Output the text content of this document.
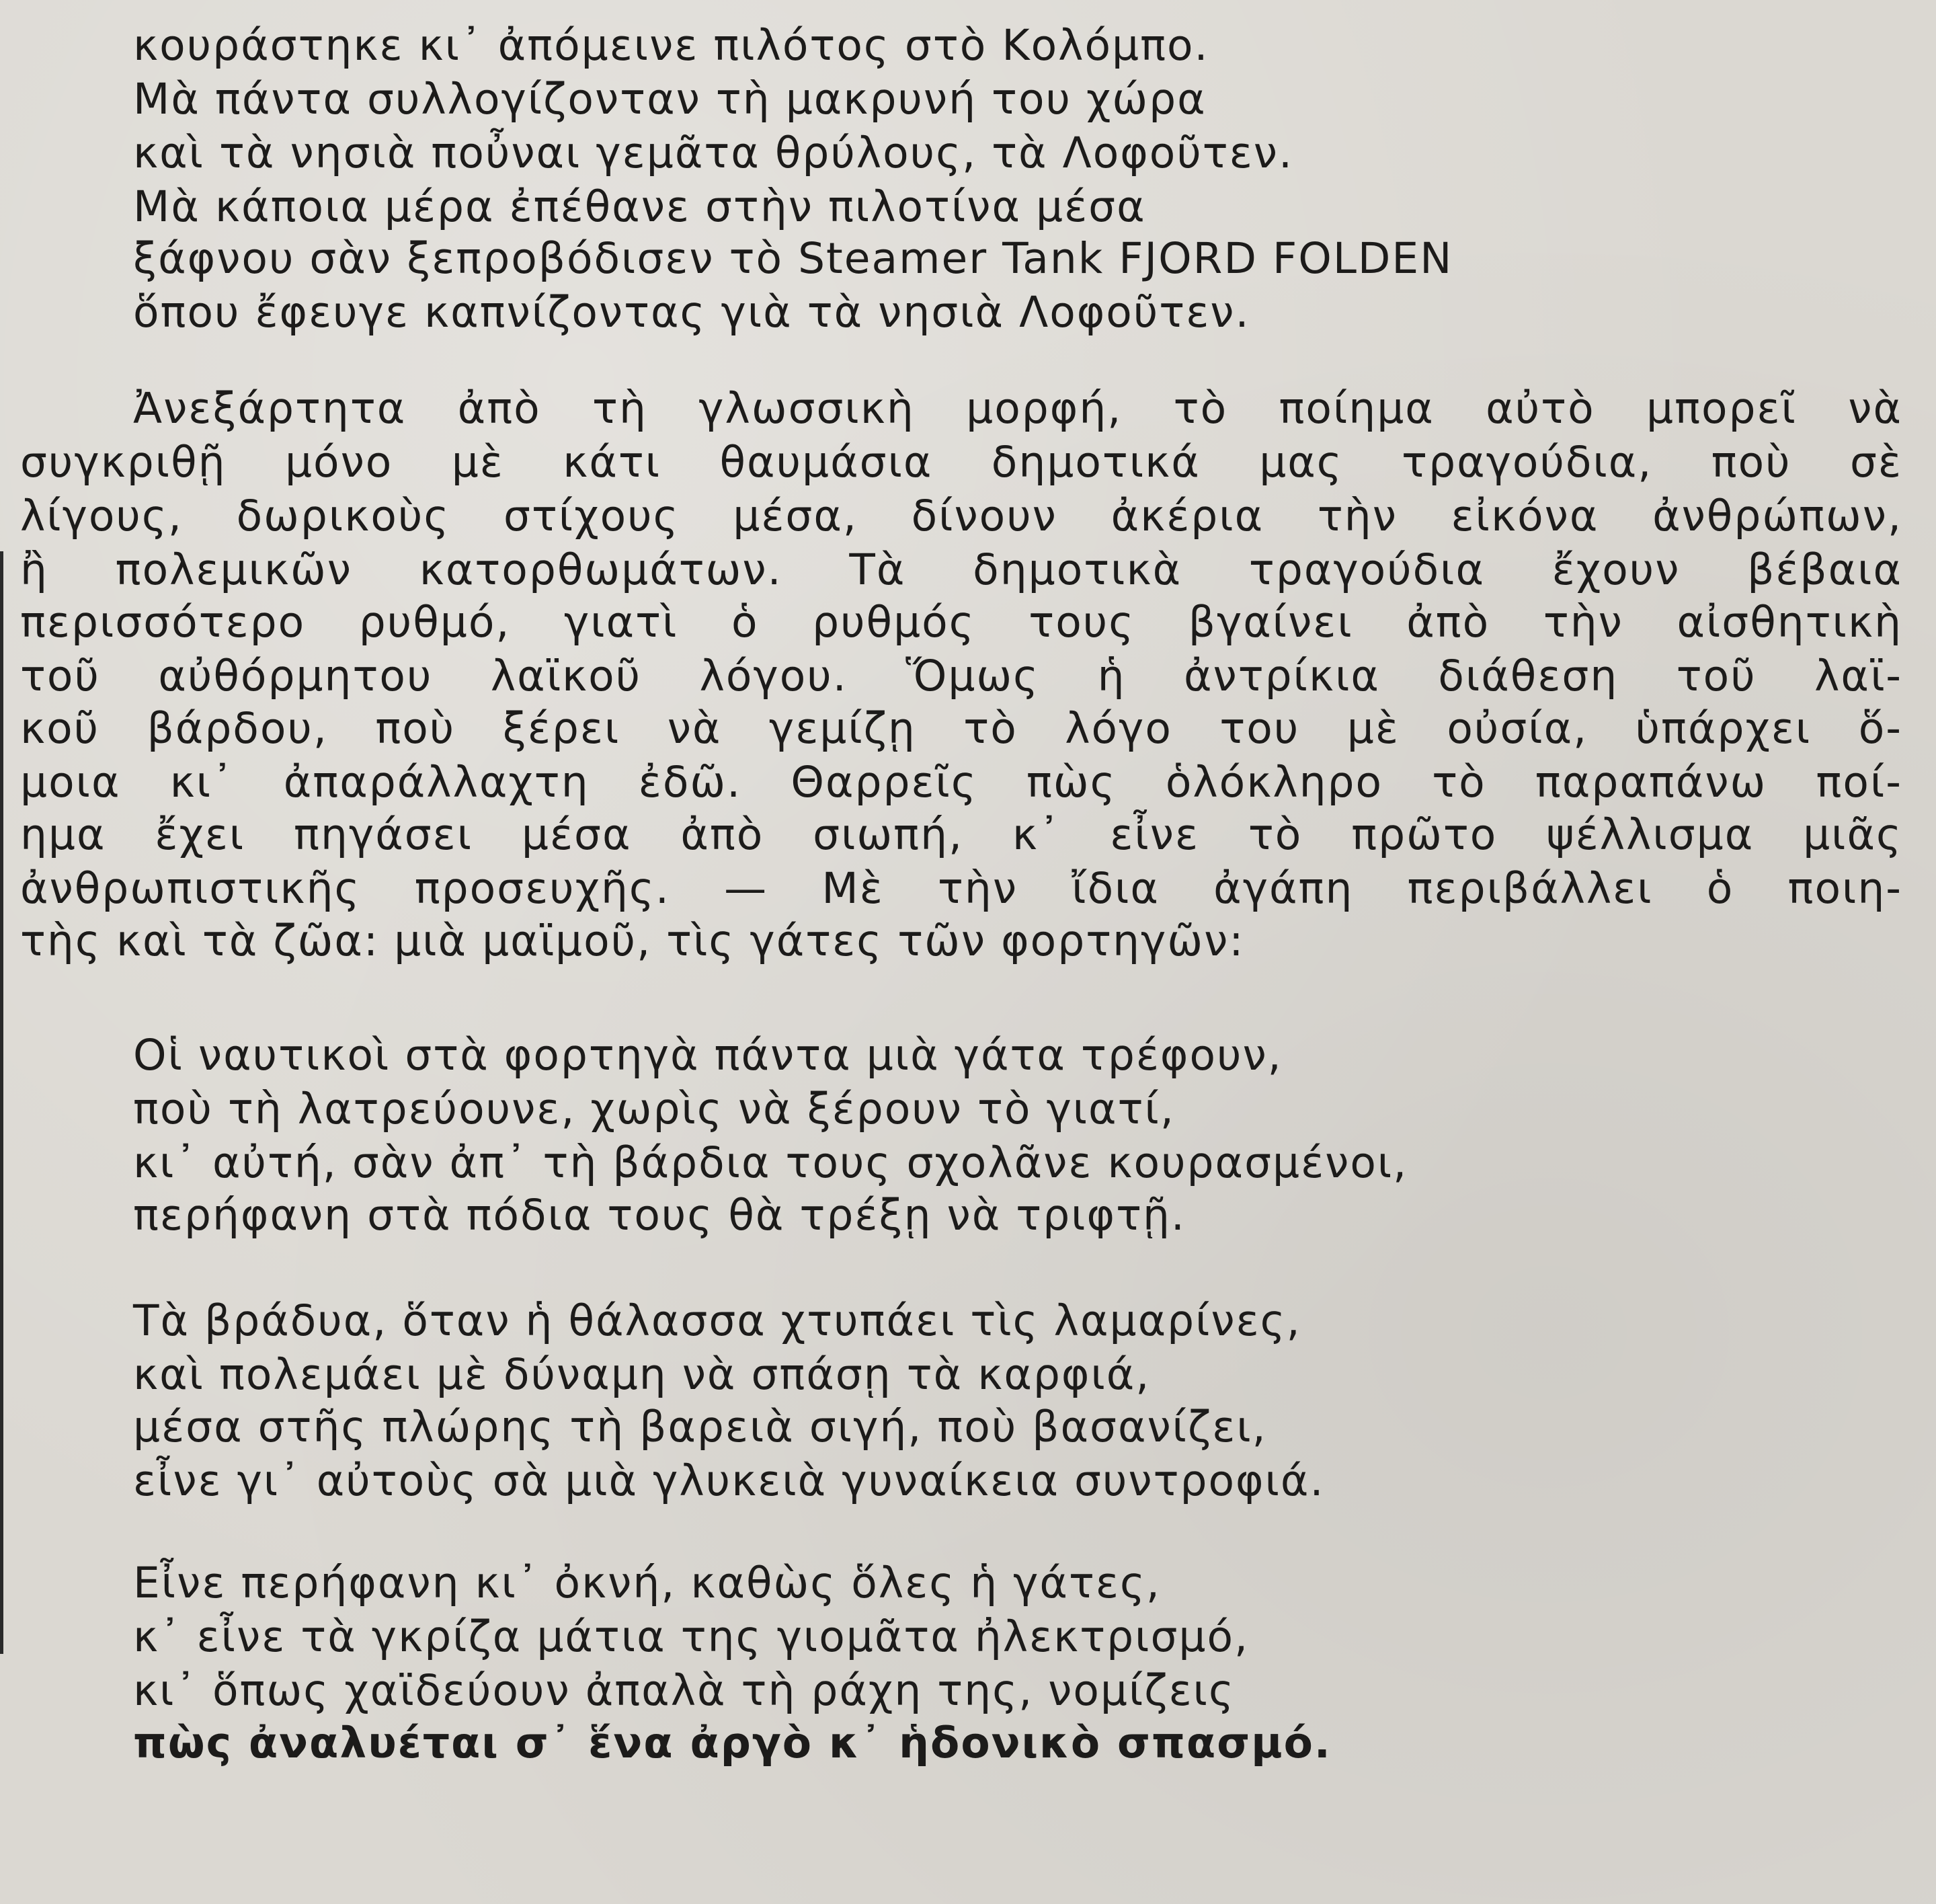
κουράστηκε κι᾽ ἀπόμεινε πιλότος στὸ Κολόμπο.
Μὰ πάντα συλλογίζονταν τὴ μακρυνή του χώρα
καὶ τὰ νησιὰ ποὖναι γεμᾶτα θρύλους, τὰ Λοφοῦτεν.
Μὰ κάποια μέρα ἐπέθανε στὴν πιλοτίνα μέσα
ξάφνου σὰν ξεπροβόδισεν τὸ Steamer Tank FJORD FOLDEN
ὅπου ἔφευγε καπνίζοντας γιὰ τὰ νησιὰ Λοφοῦτεν.
Ἀνεξάρτητα ἀπὸ τὴ γλωσσικὴ μορφή, τὸ ποίημα αὐτὸ μπορεῖ νὰ
συγκριθῇ μόνο μὲ κάτι θαυμάσια δημοτικά μας τραγούδια, ποὺ σὲ
λίγους, δωρικοὺς στίχους μέσα, δίνουν ἀκέρια τὴν εἰκόνα ἀνθρώπων,
ἢ πολεμικῶν κατορθωμάτων. Τὰ δημοτικὰ τραγούδια ἔχουν βέβαια
περισσότερο ρυθμό, γιατὶ ὁ ρυθμός τους βγαίνει ἀπὸ τὴν αἰσθητικὴ
τοῦ αὐθόρμητου λαϊκοῦ λόγου. Ὅμως ἡ ἀντρίκια διάθεση τοῦ λαϊ-
κοῦ βάρδου, ποὺ ξέρει νὰ γεμίζῃ τὸ λόγο του μὲ οὐσία, ὑπάρχει ὅ-
μοια κι᾽ ἀπαράλλαχτη ἐδῶ. Θαρρεῖς πὼς ὁλόκληρο τὸ παραπάνω ποί-
ημα ἔχει πηγάσει μέσα ἀπὸ σιωπή, κ᾽ εἶνε τὸ πρῶτο ψέλλισμα μιᾶς
ἀνθρωπιστικῆς προσευχῆς. — Μὲ τὴν ἴδια ἀγάπη περιβάλλει ὁ ποιη-
τὴς καὶ τὰ ζῶα: μιὰ μαϊμοῦ, τὶς γάτες τῶν φορτηγῶν:
Οἱ ναυτικοὶ στὰ φορτηγὰ πάντα μιὰ γάτα τρέφουν,
ποὺ τὴ λατρεύουνε, χωρὶς νὰ ξέρουν τὸ γιατί,
κι᾽ αὐτή, σὰν ἀπ᾽ τὴ βάρδια τους σχολᾶνε κουρασμένοι,
περήφανη στὰ πόδια τους θὰ τρέξῃ νὰ τριφτῇ.
Τὰ βράδυα, ὅταν ἡ θάλασσα χτυπάει τὶς λαμαρίνες,
καὶ πολεμάει μὲ δύναμη νὰ σπάσῃ τὰ καρφιά,
μέσα στῆς πλώρης τὴ βαρειὰ σιγή, ποὺ βασανίζει,
εἶνε γι᾽ αὐτοὺς σὰ μιὰ γλυκειὰ γυναίκεια συντροφιά.
Εἶνε περήφανη κι᾽ ὀκνή, καθὼς ὅλες ἡ γάτες,
κ᾽ εἶνε τὰ γκρίζα μάτια της γιομᾶτα ἠλεκτρισμό,
κι᾽ ὅπως χαϊδεύουν ἀπαλὰ τὴ ράχη της, νομίζεις
πὼς ἀναλυέται σ᾽ ἕνα ἀργὸ κ᾽ ἡδονικὸ σπασμό.
